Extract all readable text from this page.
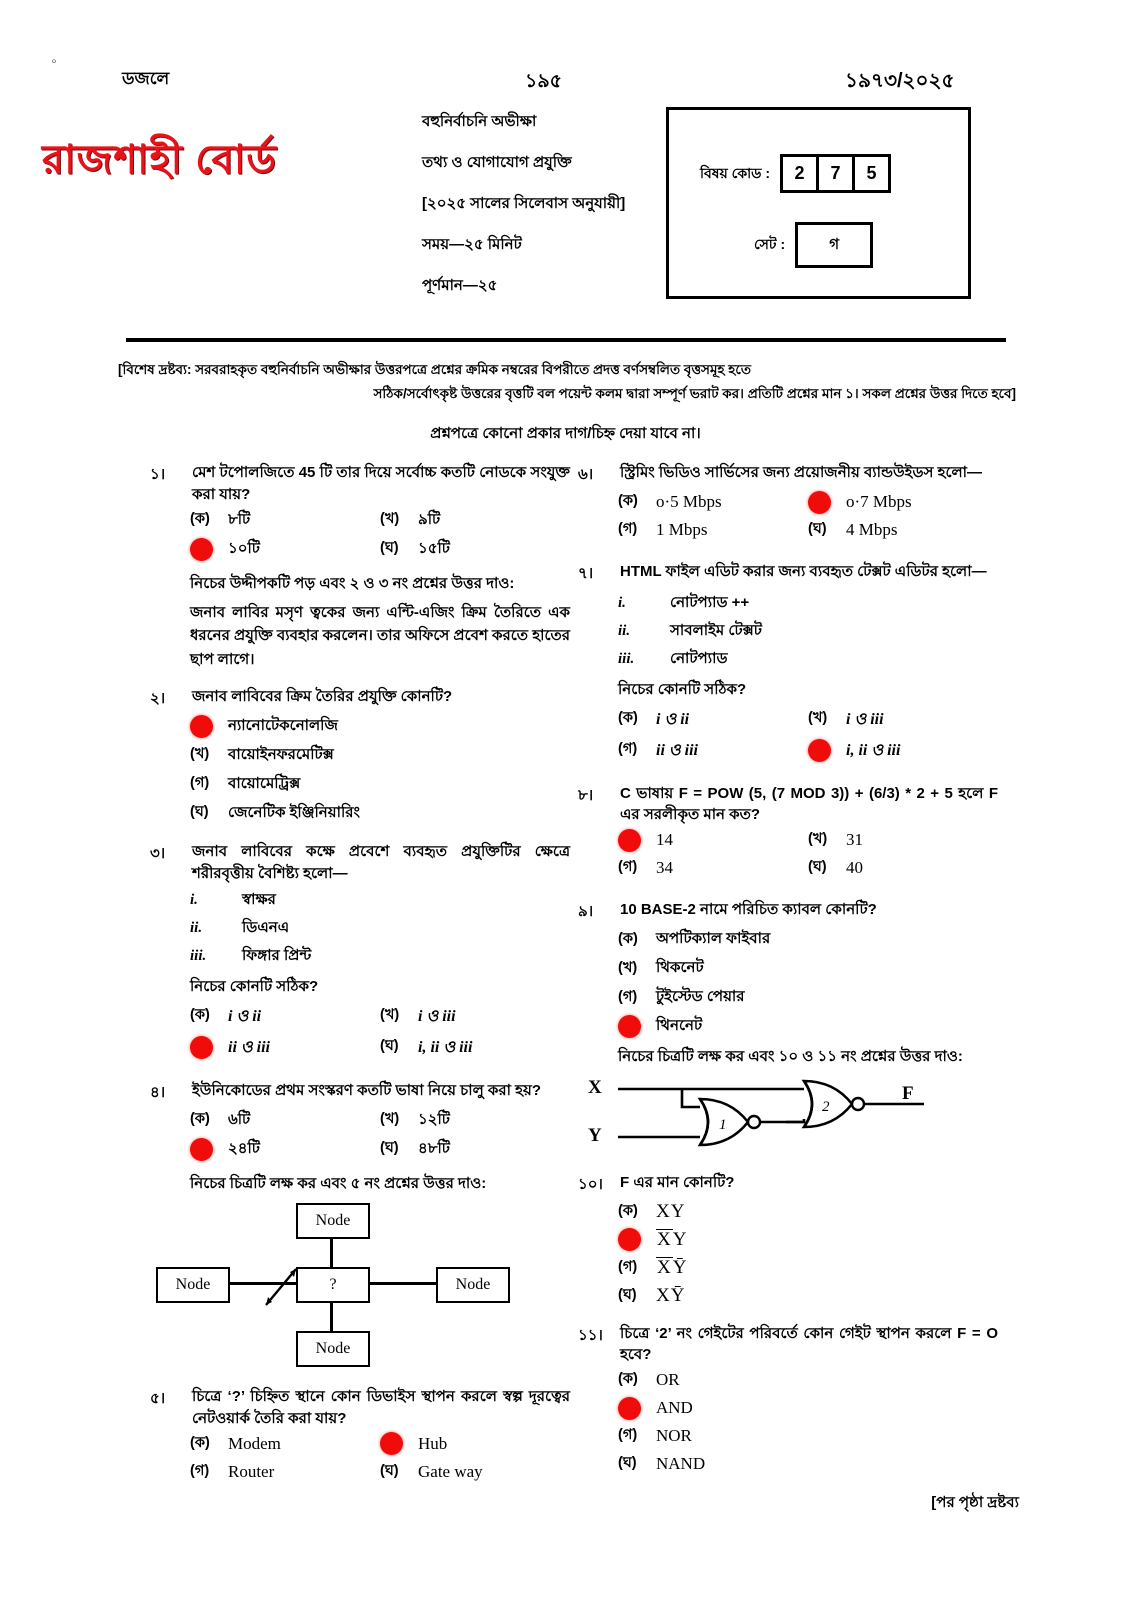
৹
ডজলে
রাজশাহী বোর্ড
১৯৫	১৯৭৩/২০২৫
বহুনির্বাচনি অভীক্ষা
তথ্য ও যোগাযোগ প্রযুক্তি
[২০২৫ সালের সিলেবাস অনুযায়ী]
সময়—২৫ মিনিট
পূর্ণমান—২৫
বিষয় কোড :	2	7	5
সেট :	গ
[বিশেষ দ্রষ্টব্য: সরবরাহকৃত বহুনির্বাচনি অভীক্ষার উত্তরপত্রে প্রশ্নের ক্রমিক নম্বরের বিপরীতে প্রদত্ত বর্ণসম্বলিত বৃত্তসমূহ হতে
সঠিক/সর্বোৎকৃষ্ট উত্তরের বৃত্তটি বল পয়েন্ট কলম দ্বারা সম্পূর্ণ ভরাট কর। প্রতিটি প্রশ্নের মান ১। সকল প্রশ্নের উত্তর দিতে হবে]
প্রশ্নপত্রে কোনো প্রকার দাগ/চিহ্ন দেয়া যাবে না।
১।	মেশ টপোলজিতে 45 টি তার দিয়ে সর্বোচ্চ কতটি নোডকে সংযুক্ত করা যায়?
(ক)	৮টি	(খ)	৯টি
১০টি	(ঘ)	১৫টি
নিচের উদ্দীপকটি পড় এবং ২ ও ৩ নং প্রশ্নের উত্তর দাও:
জনাব লাবির মসৃণ ত্বকের জন্য এন্টি-এজিং ক্রিম তৈরিতে এক ধরনের প্রযুক্তি ব্যবহার করলেন। তার অফিসে প্রবেশ করতে হাতের ছাপ লাগে।
২।	জনাব লাবিবের ক্রিম তৈরির প্রযুক্তি কোনটি?
ন্যানোটেকনোলজি
(খ)	বায়োইনফরমেটিক্স
(গ)	বায়োমেট্রিক্স
(ঘ)	জেনেটিক ইঞ্জিনিয়ারিং
৩।	জনাব লাবিবের কক্ষে প্রবেশে ব্যবহৃত প্রযুক্তিটির ক্ষেত্রে শরীরবৃত্তীয় বৈশিষ্ট্য হলো—
i.	স্বাক্ষর
ii.	ডিএনএ
iii.	ফিঙ্গার প্রিন্ট
নিচের কোনটি সঠিক?
(ক)	i ও ii	(খ)	i ও iii
ii ও iii	(ঘ)	i, ii ও iii
৪।	ইউনিকোডের প্রথম সংস্করণ কতটি ভাষা নিয়ে চালু করা হয়?
(ক)	৬টি	(খ)	১২টি
২৪টি	(ঘ)	৪৮টি
নিচের চিত্রটি লক্ষ কর এবং ৫ নং প্রশ্নের উত্তর দাও:
Node
Node	Node
Node
?
৫।	চিত্রে ‘?’ চিহ্নিত স্থানে কোন ডিভাইস স্থাপন করলে স্বল্প দূরত্বের নেটওয়ার্ক তৈরি করা যায়?
(ক)	Modem	Hub
(গ)	Router	(ঘ)	Gate way
৬।	স্ট্রিমিং ভিডিও সার্ভিসের জন্য প্রয়োজনীয় ব্যান্ডউইডস হলো—
(ক)	o·5 Mbps	o·7 Mbps
(গ)	1 Mbps	(ঘ)	4 Mbps
৭।	HTML ফাইল এডিট করার জন্য ব্যবহৃত টেক্সট এডিটর হলো—
i.	নোটপ্যাড ++
ii.	সাবলাইম টেক্সট
iii.	নোটপ্যাড
নিচের কোনটি সঠিক?
(ক)	i ও ii	(খ)	i ও iii
(গ)	ii ও iii	i, ii ও iii
৮।	C ভাষায় F = POW (5, (7 MOD 3)) + (6/3) * 2 + 5 হলে F এর সরলীকৃত মান কত?
14	(খ)	31
(গ)	34	(ঘ)	40
৯।	10 BASE-2 নামে পরিচিত ক্যাবল কোনটি?
(ক)	অপটিক্যাল ফাইবার
(খ)	থিকনেট
(গ)	টুইস্টেড পেয়ার
থিননেট
নিচের চিত্রটি লক্ষ কর এবং ১০ ও ১১ নং প্রশ্নের উত্তর দাও:
X
Y
F
1
2
১০।	F এর মান কোনটি?
(ক) XY
XY
(গ)	XȲ
(ঘ)	XȲ
১১।	চিত্রে ‘2’ নং গেইটের পরিবর্তে কোন গেইট স্থাপন করলে F = O হবে?
(ক)	OR
AND
(গ)	NOR
(ঘ)	NAND
[পর পৃষ্ঠা দ্রষ্টব্য
